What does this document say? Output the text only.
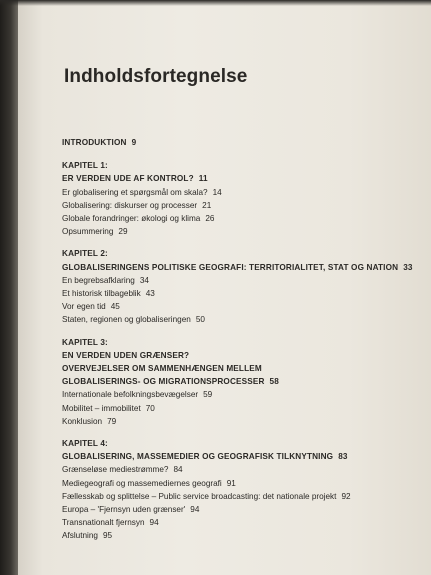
Indholdsfortegnelse
INTRODUKTION 9
KAPITEL 1:
ER VERDEN UDE AF KONTROL? 11
Er globalisering et spørgsmål om skala? 14
Globalisering: diskurser og processer 21
Globale forandringer: økologi og klima 26
Opsummering 29
KAPITEL 2:
GLOBALISERINGENS POLITISKE GEOGRAFI: TERRITORIALITET, STAT OG NATION 33
En begrebsafklaring 34
Et historisk tilbageblik 43
Vor egen tid 45
Staten, regionen og globaliseringen 50
KAPITEL 3:
EN VERDEN UDEN GRÆNSER?
OVERVEJELSER OM SAMMENHÆNGEN MELLEM
GLOBALISERINGS- OG MIGRATIONSPROCESSER 58
Internationale befolkningsbevægelser 59
Mobilitet – immobilitet 70
Konklusion 79
KAPITEL 4:
GLOBALISERING, MASSEMEDIER OG GEOGRAFISK TILKNYTNING 83
Grænseløse mediestrømme? 84
Mediegeografi og massemediernes geografi 91
Fællesskab og splittelse – Public service broadcasting: det nationale projekt 92
Europa – 'Fjernsyn uden grænser' 94
Transnationalt fjernsyn 94
Afslutning 95
